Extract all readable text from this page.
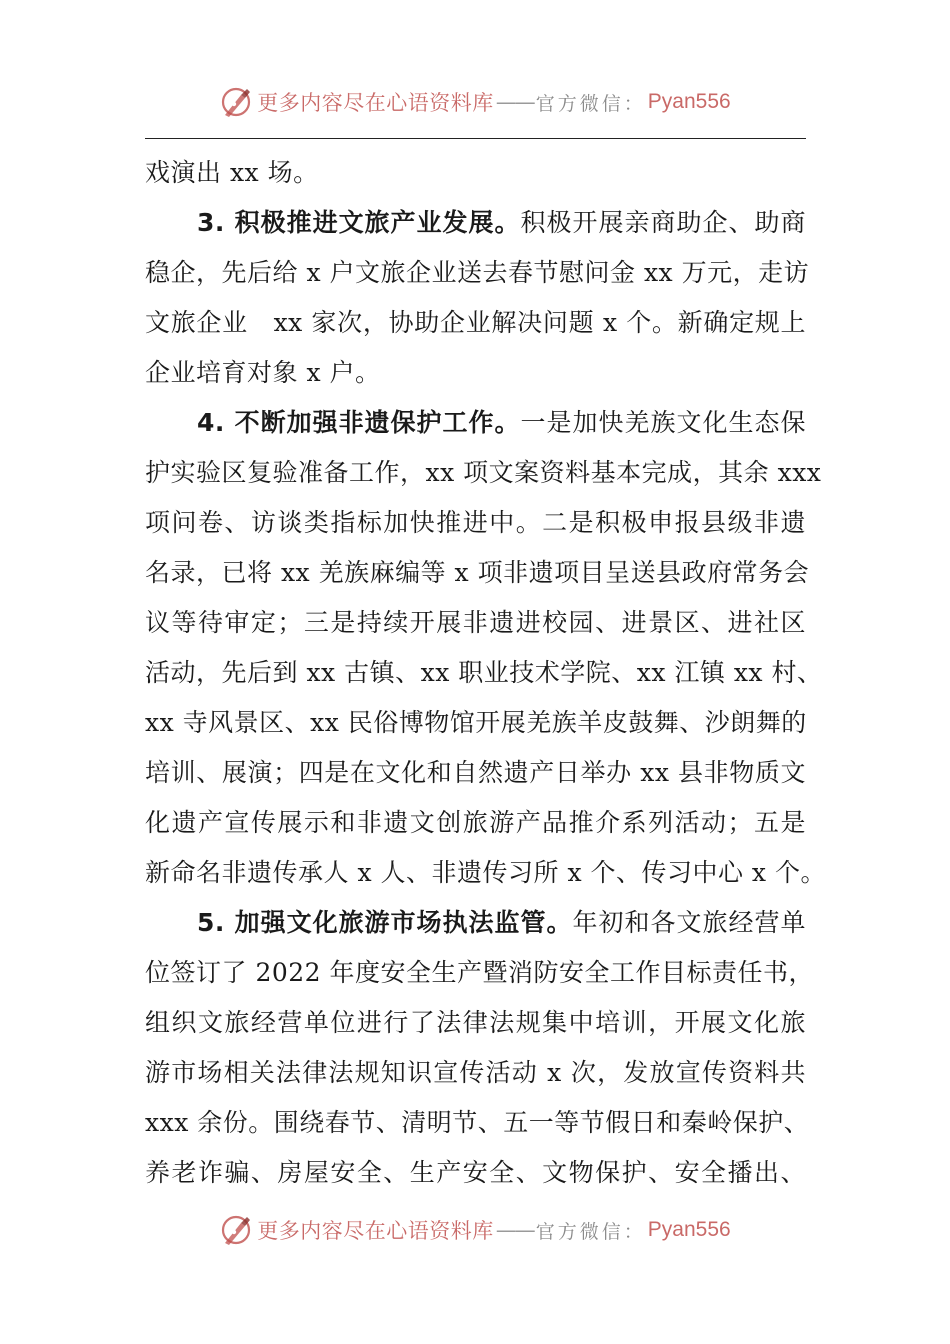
更多内容尽在心语资料库 —— 官方微信： Pyan556
戏演出 xx 场。
3. 积极推进文旅产业发展。积极开展亲商助企、助商
稳企，先后给 x 户文旅企业送去春节慰问金 xx 万元，走访
文旅企业　xx 家次，协助企业解决问题 x 个。新确定规上
企业培育对象 x 户。
4. 不断加强非遗保护工作。一是加快羌族文化生态保
护实验区复验准备工作，xx 项文案资料基本完成，其余 xxx
项问卷、访谈类指标加快推进中。二是积极申报县级非遗
名录，已将 xx 羌族麻编等 x 项非遗项目呈送县政府常务会
议等待审定；三是持续开展非遗进校园、进景区、进社区
活动，先后到 xx 古镇、xx 职业技术学院、xx 江镇 xx 村、
xx 寺风景区、xx 民俗博物馆开展羌族羊皮鼓舞、沙朗舞的
培训、展演；四是在文化和自然遗产日举办 xx 县非物质文
化遗产宣传展示和非遗文创旅游产品推介系列活动；五是
新命名非遗传承人 x 人、非遗传习所 x 个、传习中心 x 个。
5. 加强文化旅游市场执法监管。年初和各文旅经营单
位签订了 2022 年度安全生产暨消防安全工作目标责任书，
组织文旅经营单位进行了法律法规集中培训，开展文化旅
游市场相关法律法规知识宣传活动 x 次，发放宣传资料共
xxx 余份。围绕春节、清明节、五一等节假日和秦岭保护、
养老诈骗、房屋安全、生产安全、文物保护、安全播出、
更多内容尽在心语资料库 —— 官方微信： Pyan556
